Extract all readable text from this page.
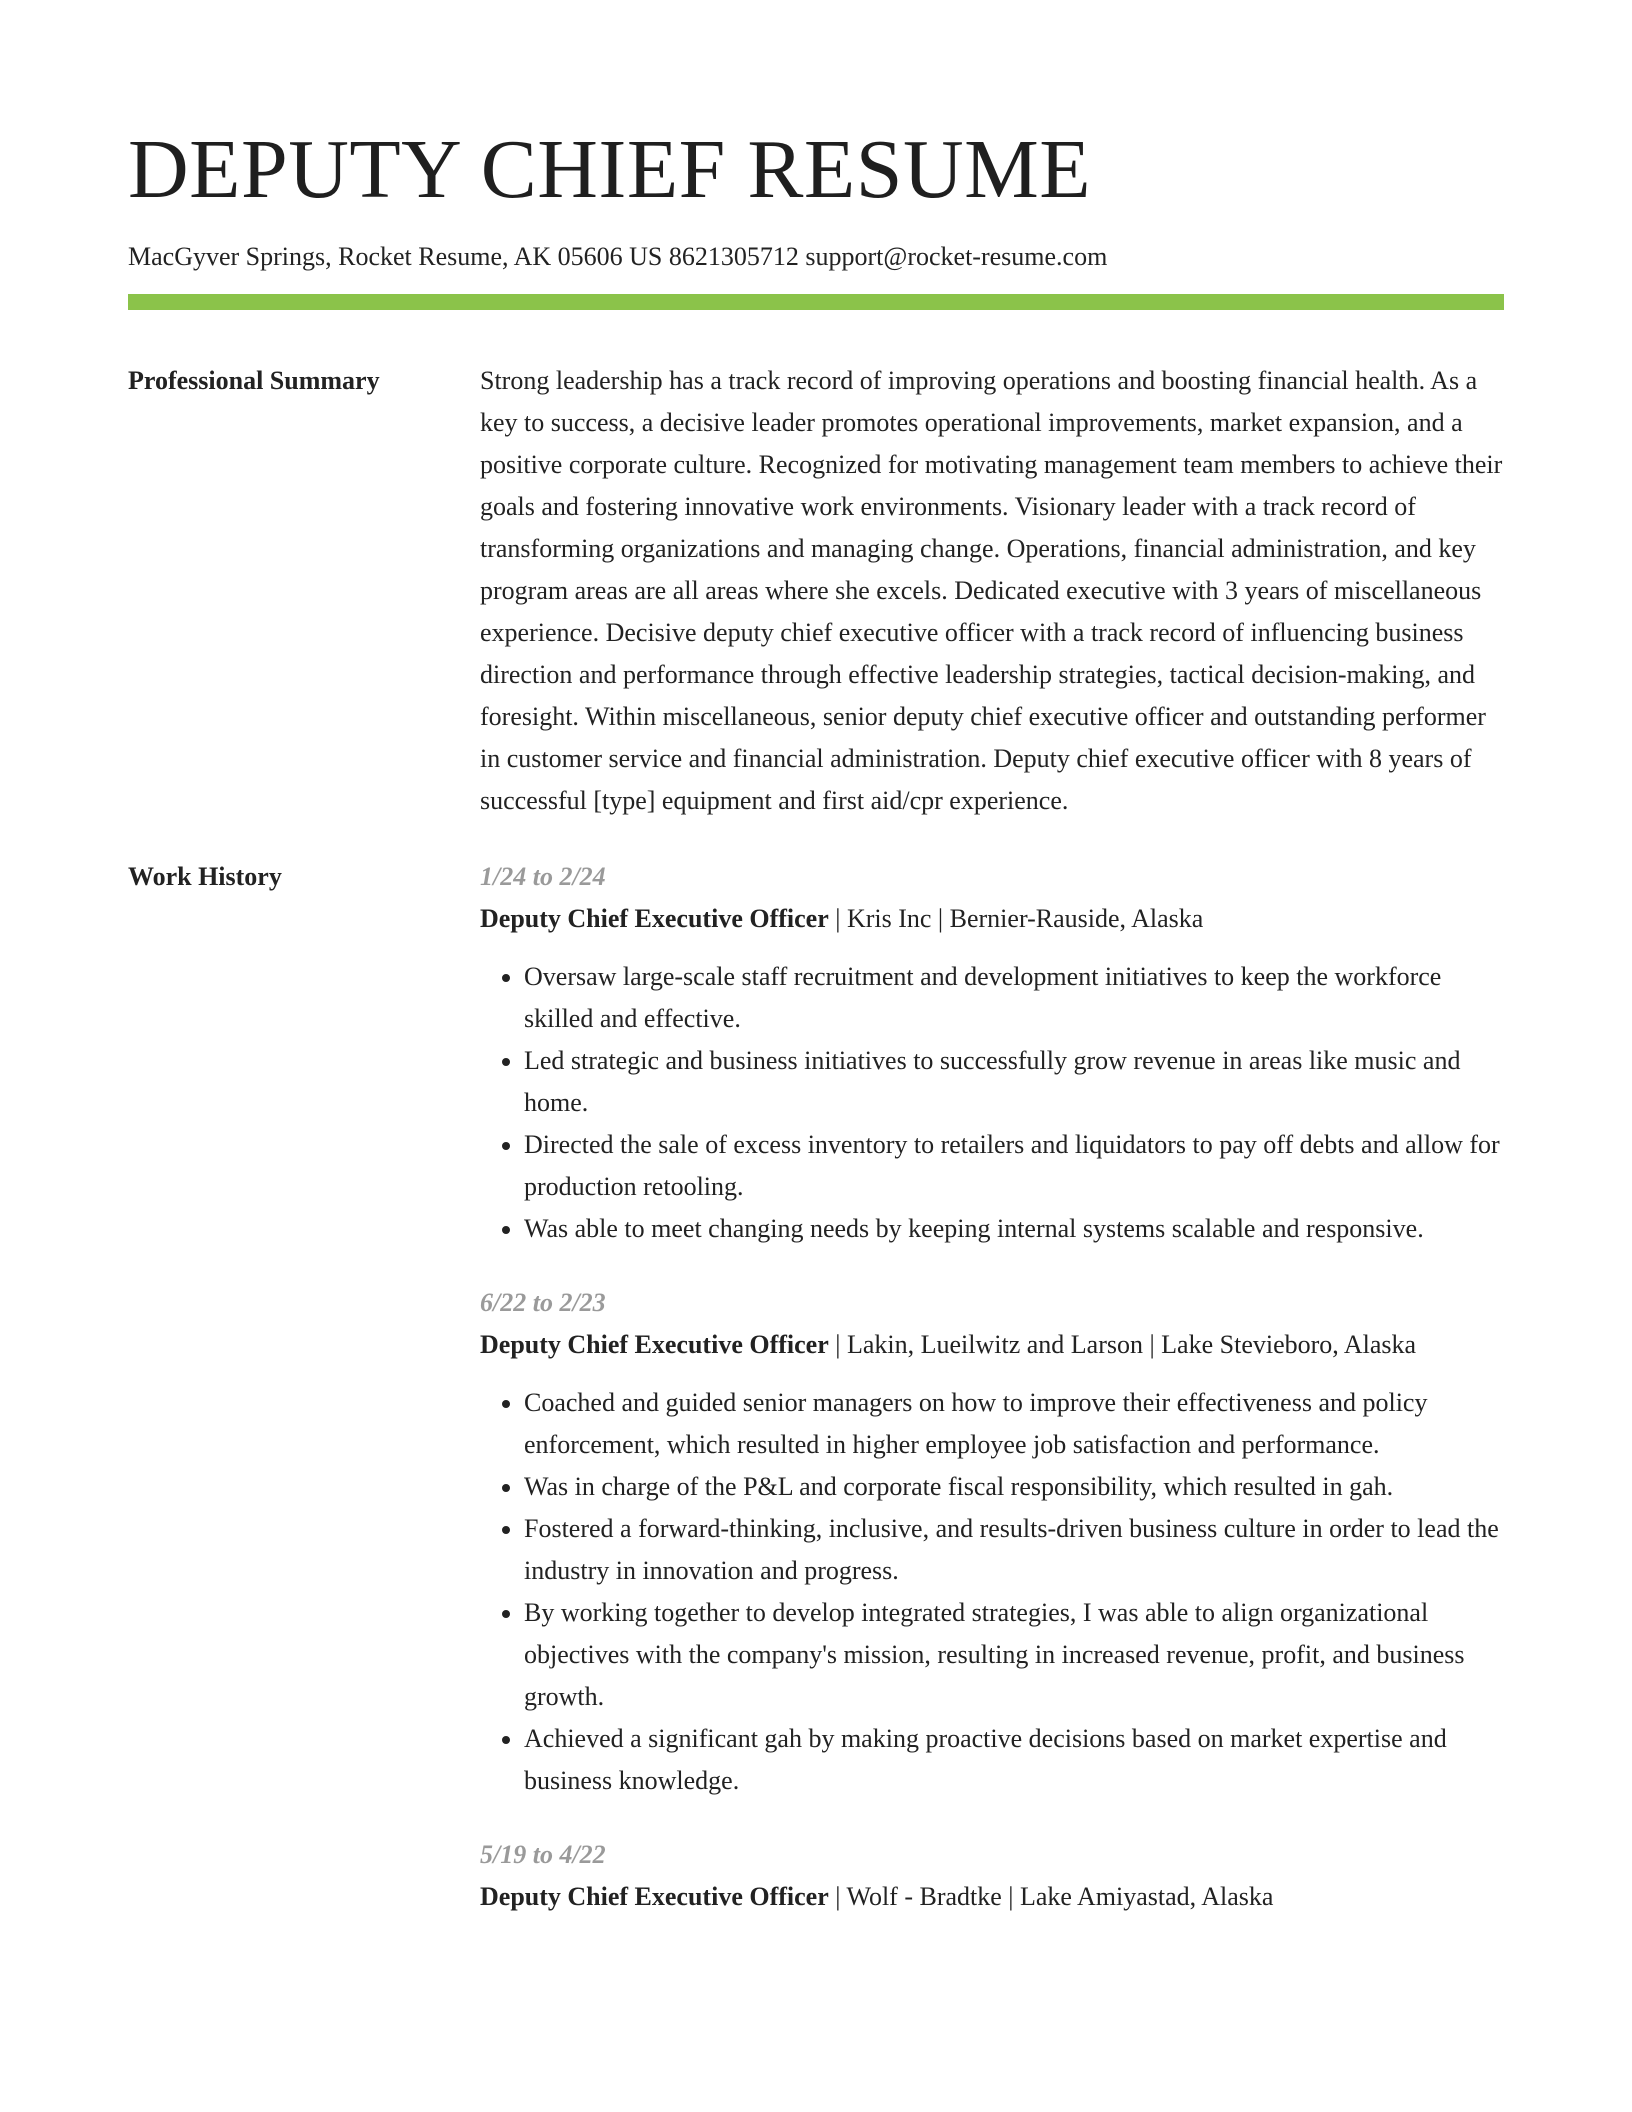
DEPUTY CHIEF RESUME
MacGyver Springs, Rocket Resume, AK 05606 US 8621305712 support@rocket-resume.com
Professional Summary	Strong leadership has a track record of improving operations and boosting financial health. As a key to success, a decisive leader promotes operational improvements, market expansion, and a positive corporate culture. Recognized for motivating management team members to achieve their goals and fostering innovative work environments. Visionary leader with a track record of transforming organizations and managing change. Operations, financial administration, and key program areas are all areas where she excels. Dedicated executive with 3 years of miscellaneous experience. Decisive deputy chief executive officer with a track record of influencing business direction and performance through effective leadership strategies, tactical decision-making, and foresight. Within miscellaneous, senior deputy chief executive officer and outstanding performer in customer service and financial administration. Deputy chief executive officer with 8 years of successful [type] equipment and first aid/cpr experience.

Work History	1/24 to 2/24
Deputy Chief Executive Officer | Kris Inc | Bernier-Rauside, Alaska
• Oversaw large-scale staff recruitment and development initiatives to keep the workforce skilled and effective.
• Led strategic and business initiatives to successfully grow revenue in areas like music and home.
• Directed the sale of excess inventory to retailers and liquidators to pay off debts and allow for production retooling.
• Was able to meet changing needs by keeping internal systems scalable and responsive.
6/22 to 2/23
Deputy Chief Executive Officer | Lakin, Lueilwitz and Larson | Lake Stevieboro, Alaska
• Coached and guided senior managers on how to improve their effectiveness and policy enforcement, which resulted in higher employee job satisfaction and performance.
• Was in charge of the P&L and corporate fiscal responsibility, which resulted in gah.
• Fostered a forward-thinking, inclusive, and results-driven business culture in order to lead the industry in innovation and progress.
• By working together to develop integrated strategies, I was able to align organizational objectives with the company's mission, resulting in increased revenue, profit, and business growth.
• Achieved a significant gah by making proactive decisions based on market expertise and business knowledge.
5/19 to 4/22
Deputy Chief Executive Officer | Wolf - Bradtke | Lake Amiyastad, Alaska
